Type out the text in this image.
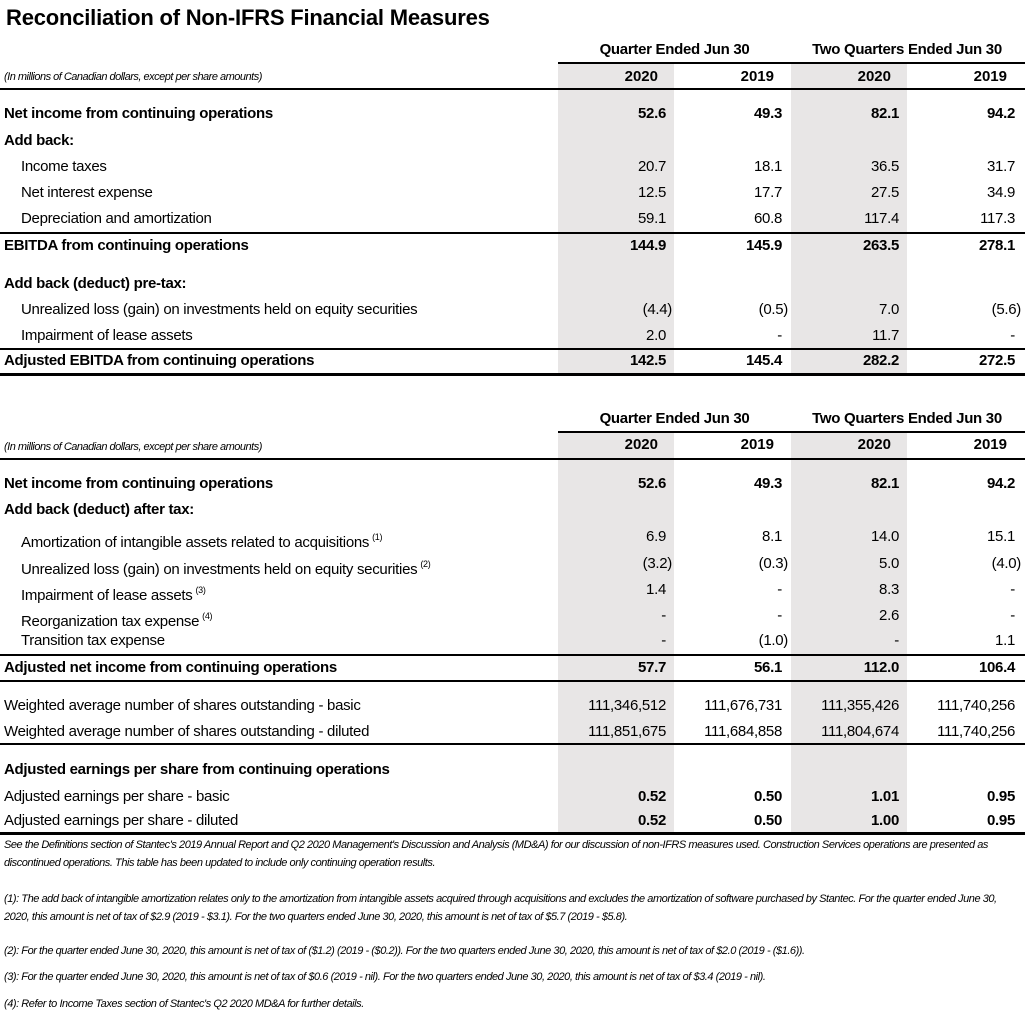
Reconciliation of Non-IFRS Financial Measures
Quarter Ended Jun 30	Two Quarters Ended Jun 30
(In millions of Canadian dollars, except per share amounts)	2020	2019	2020	2019
Net income from continuing operations	52.6	49.3	82.1	94.2
Add back:
Income taxes	20.7	18.1	36.5	31.7
Net interest expense	12.5	17.7	27.5	34.9
Depreciation and amortization	59.1	60.8	117.4	117.3
EBITDA from continuing operations	144.9	145.9	263.5	278.1
Add back (deduct) pre-tax:
Unrealized loss (gain) on investments held on equity securities	(4.4)	(0.5)	7.0	(5.6)
Impairment of lease assets	2.0	-	11.7	-
Adjusted EBITDA from continuing operations	142.5	145.4	282.2	272.5
Quarter Ended Jun 30	Two Quarters Ended Jun 30
(In millions of Canadian dollars, except per share amounts)	2020	2019	2020	2019
Net income from continuing operations	52.6	49.3	82.1	94.2
Add back (deduct) after tax:
Amortization of intangible assets related to acquisitions $^{(1)}$	6.9	8.1	14.0	15.1
Unrealized loss (gain) on investments held on equity securities $^{(2)}$	(3.2)	(0.3)	5.0	(4.0)
Impairment of lease assets $^{(3)}$	1.4	-	8.3	-
Reorganization tax expense $^{(4)}$	-	-	2.6	-
Transition tax expense	-	(1.0)	-	1.1
Adjusted net income from continuing operations	57.7	56.1	112.0	106.4
Weighted average number of shares outstanding - basic	111,346,512	111,676,731	111,355,426	111,740,256
Weighted average number of shares outstanding - diluted	111,851,675	111,684,858	111,804,674	111,740,256
Adjusted earnings per share from continuing operations
Adjusted earnings per share - basic	0.52	0.50	1.01	0.95
Adjusted earnings per share - diluted	0.52	0.50	1.00	0.95
See the Definitions section of Stantec's 2019 Annual Report and Q2 2020 Management's Discussion and Analysis (MD&A) for our discussion of non-IFRS measures used. Construction Services operations are presented as discontinued operations. This table has been updated to include only continuing operation results.
(1): The add back of intangible amortization relates only to the amortization from intangible assets acquired through acquisitions and excludes the amortization of software purchased by Stantec. For the quarter ended June 30, 2020, this amount is net of tax of $2.9 (2019 - $3.1). For the two quarters ended June 30, 2020, this amount is net of tax of $5.7 (2019 - $5.8).
(2): For the quarter ended June 30, 2020, this amount is net of tax of ($1.2) (2019 - ($0.2)). For the two quarters ended June 30, 2020, this amount is net of tax of $2.0 (2019 - ($1.6)).
(3): For the quarter ended June 30, 2020, this amount is net of tax of $0.6 (2019 - nil). For the two quarters ended June 30, 2020, this amount is net of tax of $3.4 (2019 - nil).
(4): Refer to Income Taxes section of Stantec's Q2 2020 MD&A for further details.
